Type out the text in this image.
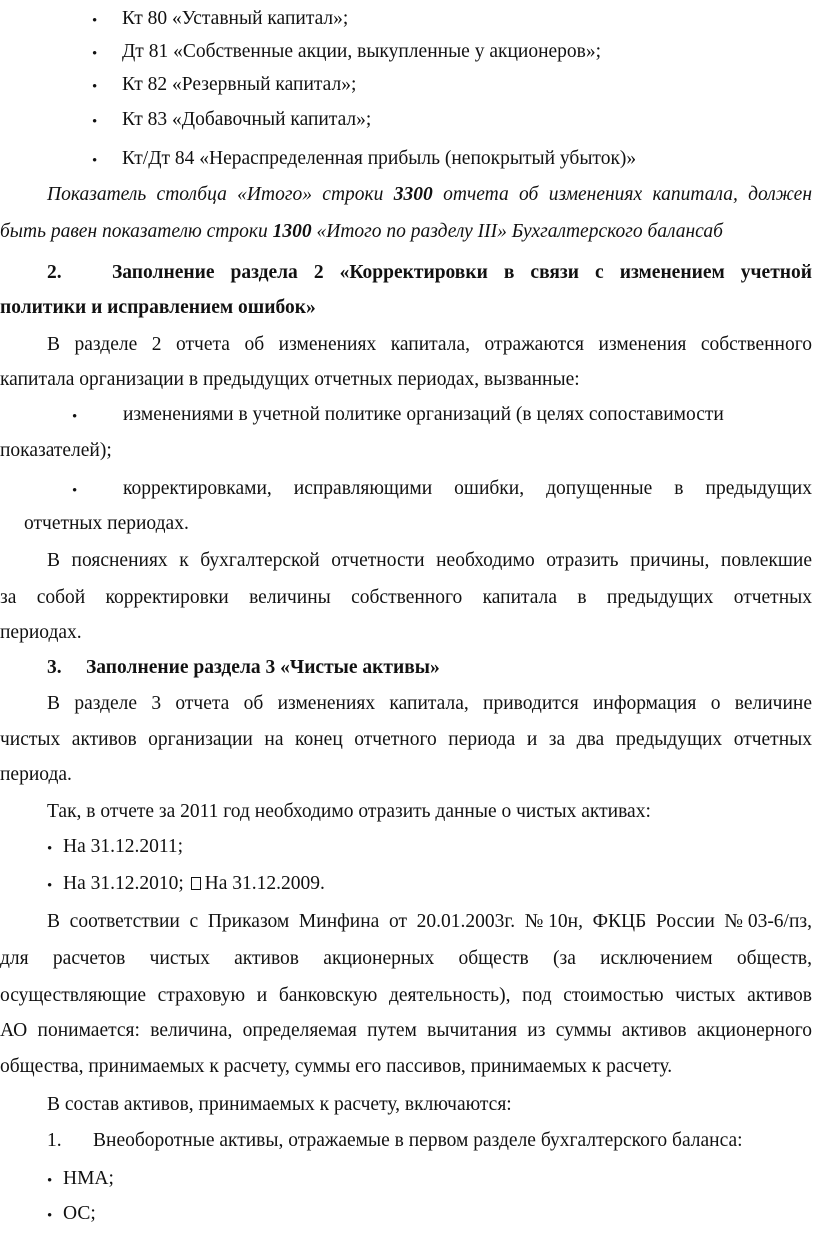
• Кт 80 «Уставный капитал»;
• Дт 81 «Собственные акции, выкупленные у акционеров»;
• Кт 82 «Резервный капитал»;
• Кт 83 «Добавочный капитал»;
• Кт/Дт 84 «Нераспределенная прибыль (непокрытый убыток)»
Показатель столбца «Итого» строки 3300 отчета об изменениях капитала, должен
быть равен показателю строки 1300 «Итого по разделу III» Бухгалтерского балансаб
2.	Заполнение раздела 2 «Корректировки в связи с изменением учетной
политики и исправлением ошибок»
В разделе 2 отчета об изменениях капитала, отражаются изменения собственного
капитала организации в предыдущих отчетных периодах, вызванные:
• изменениями в учетной политике организаций (в целях сопоставимости
показателей);
•	корректировками, исправляющими ошибки, допущенные в предыдущих
отчетных периодах.
В пояснениях к бухгалтерской отчетности необходимо отразить причины, повлекшие
за собой корректировки величины собственного капитала в предыдущих отчетных
периодах.
3. Заполнение раздела 3 «Чистые активы»
В разделе 3 отчета об изменениях капитала, приводится информация о величине
чистых активов организации на конец отчетного периода и за два предыдущих отчетных
периода.
Так, в отчете за 2011 год необходимо отразить данные о чистых активах:
• На 31.12.2011;
• На 31.12.2010; На 31.12.2009.
В соответствии с Приказом Минфина от 20.01.2003г. №10н, ФКЦБ России №03-6/пз,
для расчетов чистых активов акционерных обществ (за исключением обществ,
осуществляющие страховую и банковскую деятельность), под стоимостью чистых активов
АО понимается: величина, определяемая путем вычитания из суммы активов акционерного
общества, принимаемых к расчету, суммы его пассивов, принимаемых к расчету.
В состав активов, принимаемых к расчету, включаются:
1. Внеоборотные активы, отражаемые в первом разделе бухгалтерского баланса:
• НМА;
• ОС;
